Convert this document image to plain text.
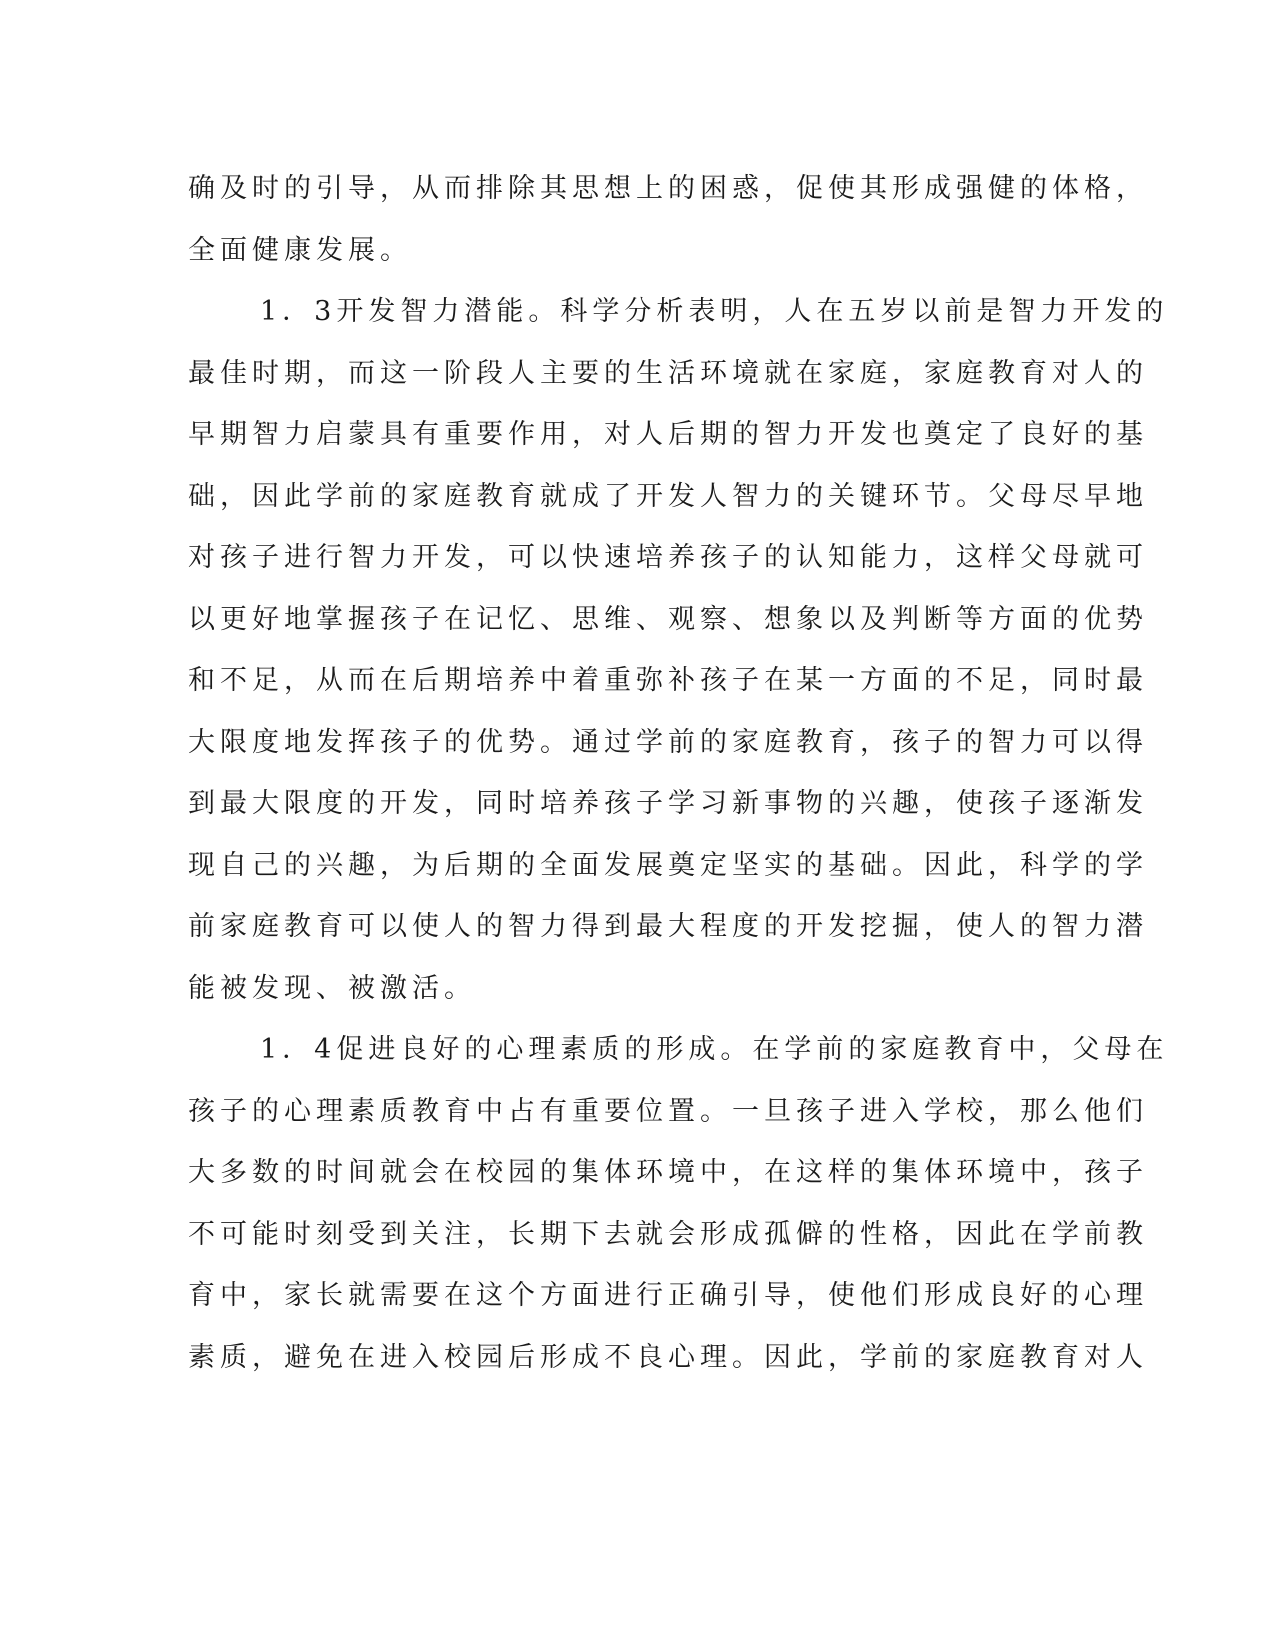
确及时的引导，从而排除其思想上的困惑，促使其形成强健的体格，
全面健康发展。
1．3开发智力潜能。科学分析表明，人在五岁以前是智力开发的
最佳时期，而这一阶段人主要的生活环境就在家庭，家庭教育对人的
早期智力启蒙具有重要作用，对人后期的智力开发也奠定了良好的基
础，因此学前的家庭教育就成了开发人智力的关键环节。父母尽早地
对孩子进行智力开发，可以快速培养孩子的认知能力，这样父母就可
以更好地掌握孩子在记忆、思维、观察、想象以及判断等方面的优势
和不足，从而在后期培养中着重弥补孩子在某一方面的不足，同时最
大限度地发挥孩子的优势。通过学前的家庭教育，孩子的智力可以得
到最大限度的开发，同时培养孩子学习新事物的兴趣，使孩子逐渐发
现自己的兴趣，为后期的全面发展奠定坚实的基础。因此，科学的学
前家庭教育可以使人的智力得到最大程度的开发挖掘，使人的智力潜
能被发现、被激活。
1．4促进良好的心理素质的形成。在学前的家庭教育中，父母在
孩子的心理素质教育中占有重要位置。一旦孩子进入学校，那么他们
大多数的时间就会在校园的集体环境中，在这样的集体环境中，孩子
不可能时刻受到关注，长期下去就会形成孤僻的性格，因此在学前教
育中，家长就需要在这个方面进行正确引导，使他们形成良好的心理
素质，避免在进入校园后形成不良心理。因此，学前的家庭教育对人
